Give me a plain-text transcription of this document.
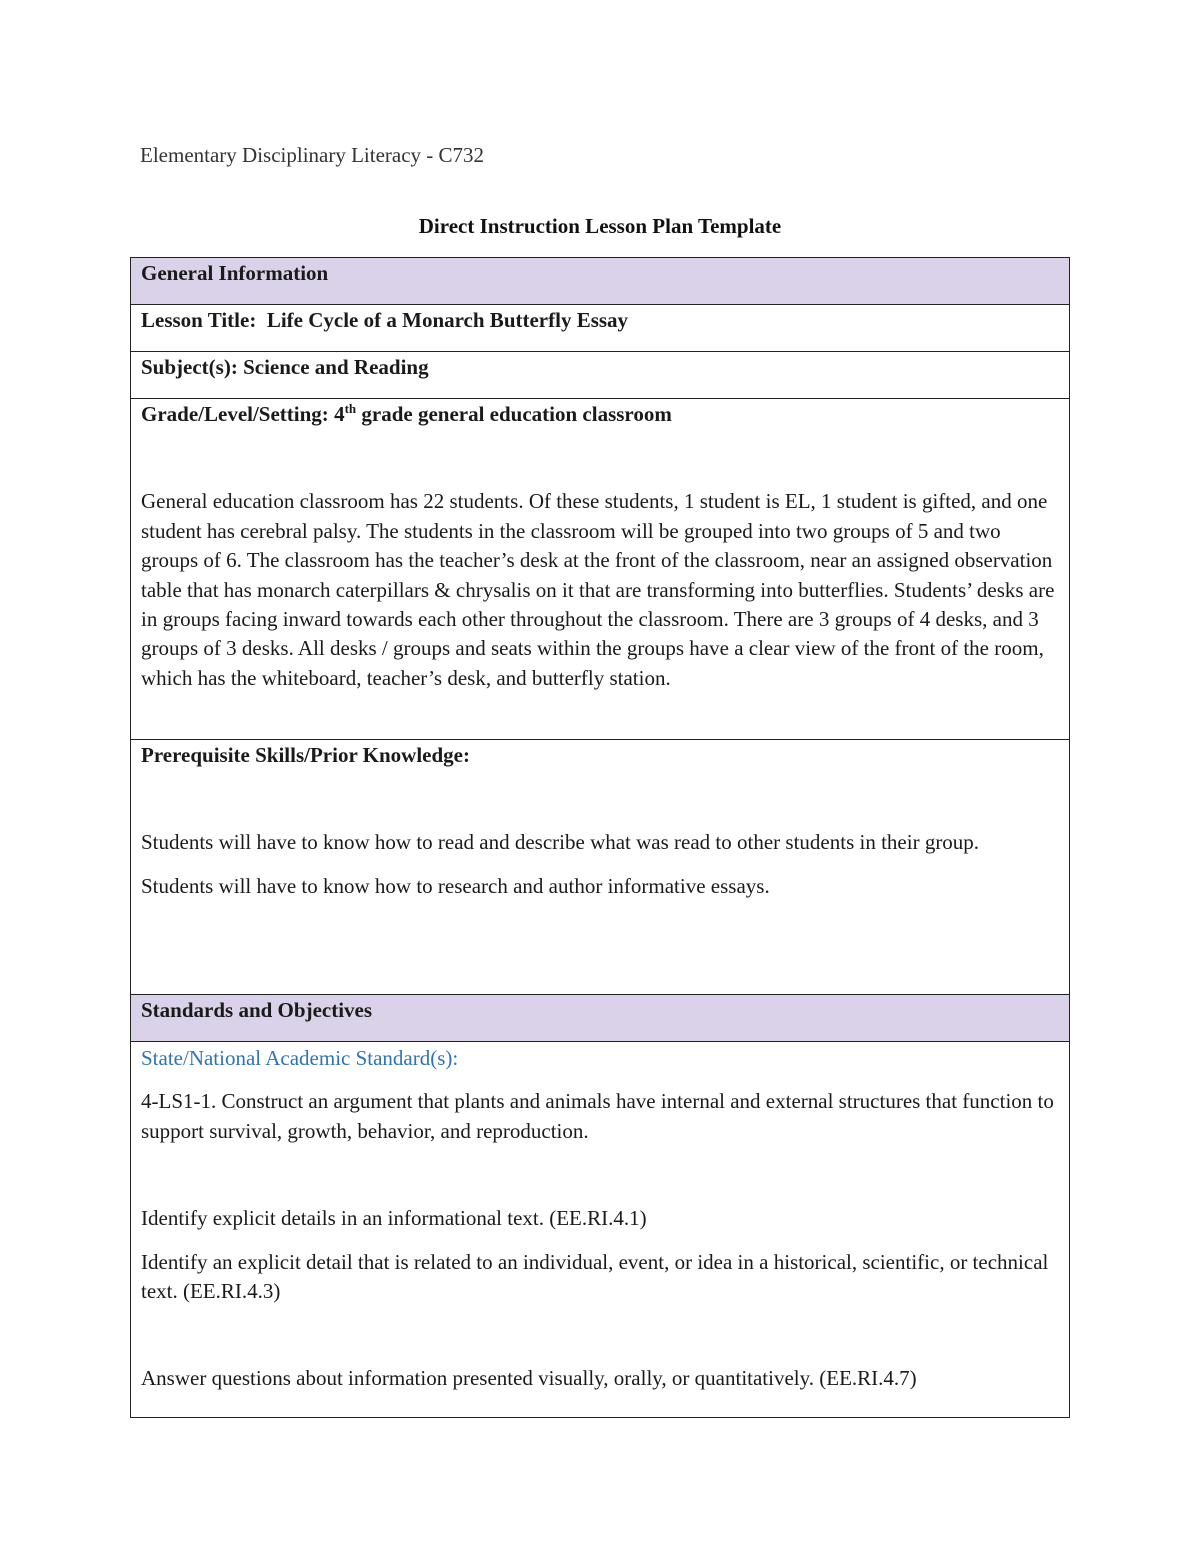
Elementary Disciplinary Literacy - C732
Direct Instruction Lesson Plan Template
General Information
Lesson Title: Life Cycle of a Monarch Butterfly Essay
Subject(s): Science and Reading

Grade/Level/Setting: 4th grade general education classroom

General education classroom has 22 students. Of these students, 1 student is EL, 1 student is gifted, and one student has cerebral palsy. The students in the classroom will be grouped into two groups of 5 and two groups of 6. The classroom has the teacher’s desk at the front of the classroom, near an assigned observation table that has monarch caterpillars & chrysalis on it that are transforming into butterflies. Students’ desks are in groups facing inward towards each other throughout the classroom. There are 3 groups of 4 desks, and 3 groups of 3 desks. All desks / groups and seats within the groups have a clear view of the front of the room, which has the whiteboard, teacher’s desk, and butterfly station.

Prerequisite Skills/Prior Knowledge:

Students will have to know how to read and describe what was read to other students in their group.

Students will have to know how to research and author informative essays.

Standards and Objectives

State/National Academic Standard(s):

4-LS1-1. Construct an argument that plants and animals have internal and external structures that function to support survival, growth, behavior, and reproduction.

Identify explicit details in an informational text. (EE.RI.4.1)

Identify an explicit detail that is related to an individual, event, or idea in a historical, scientific, or technical text. (EE.RI.4.3)

Answer questions about information presented visually, orally, or quantitatively. (EE.RI.4.7)
